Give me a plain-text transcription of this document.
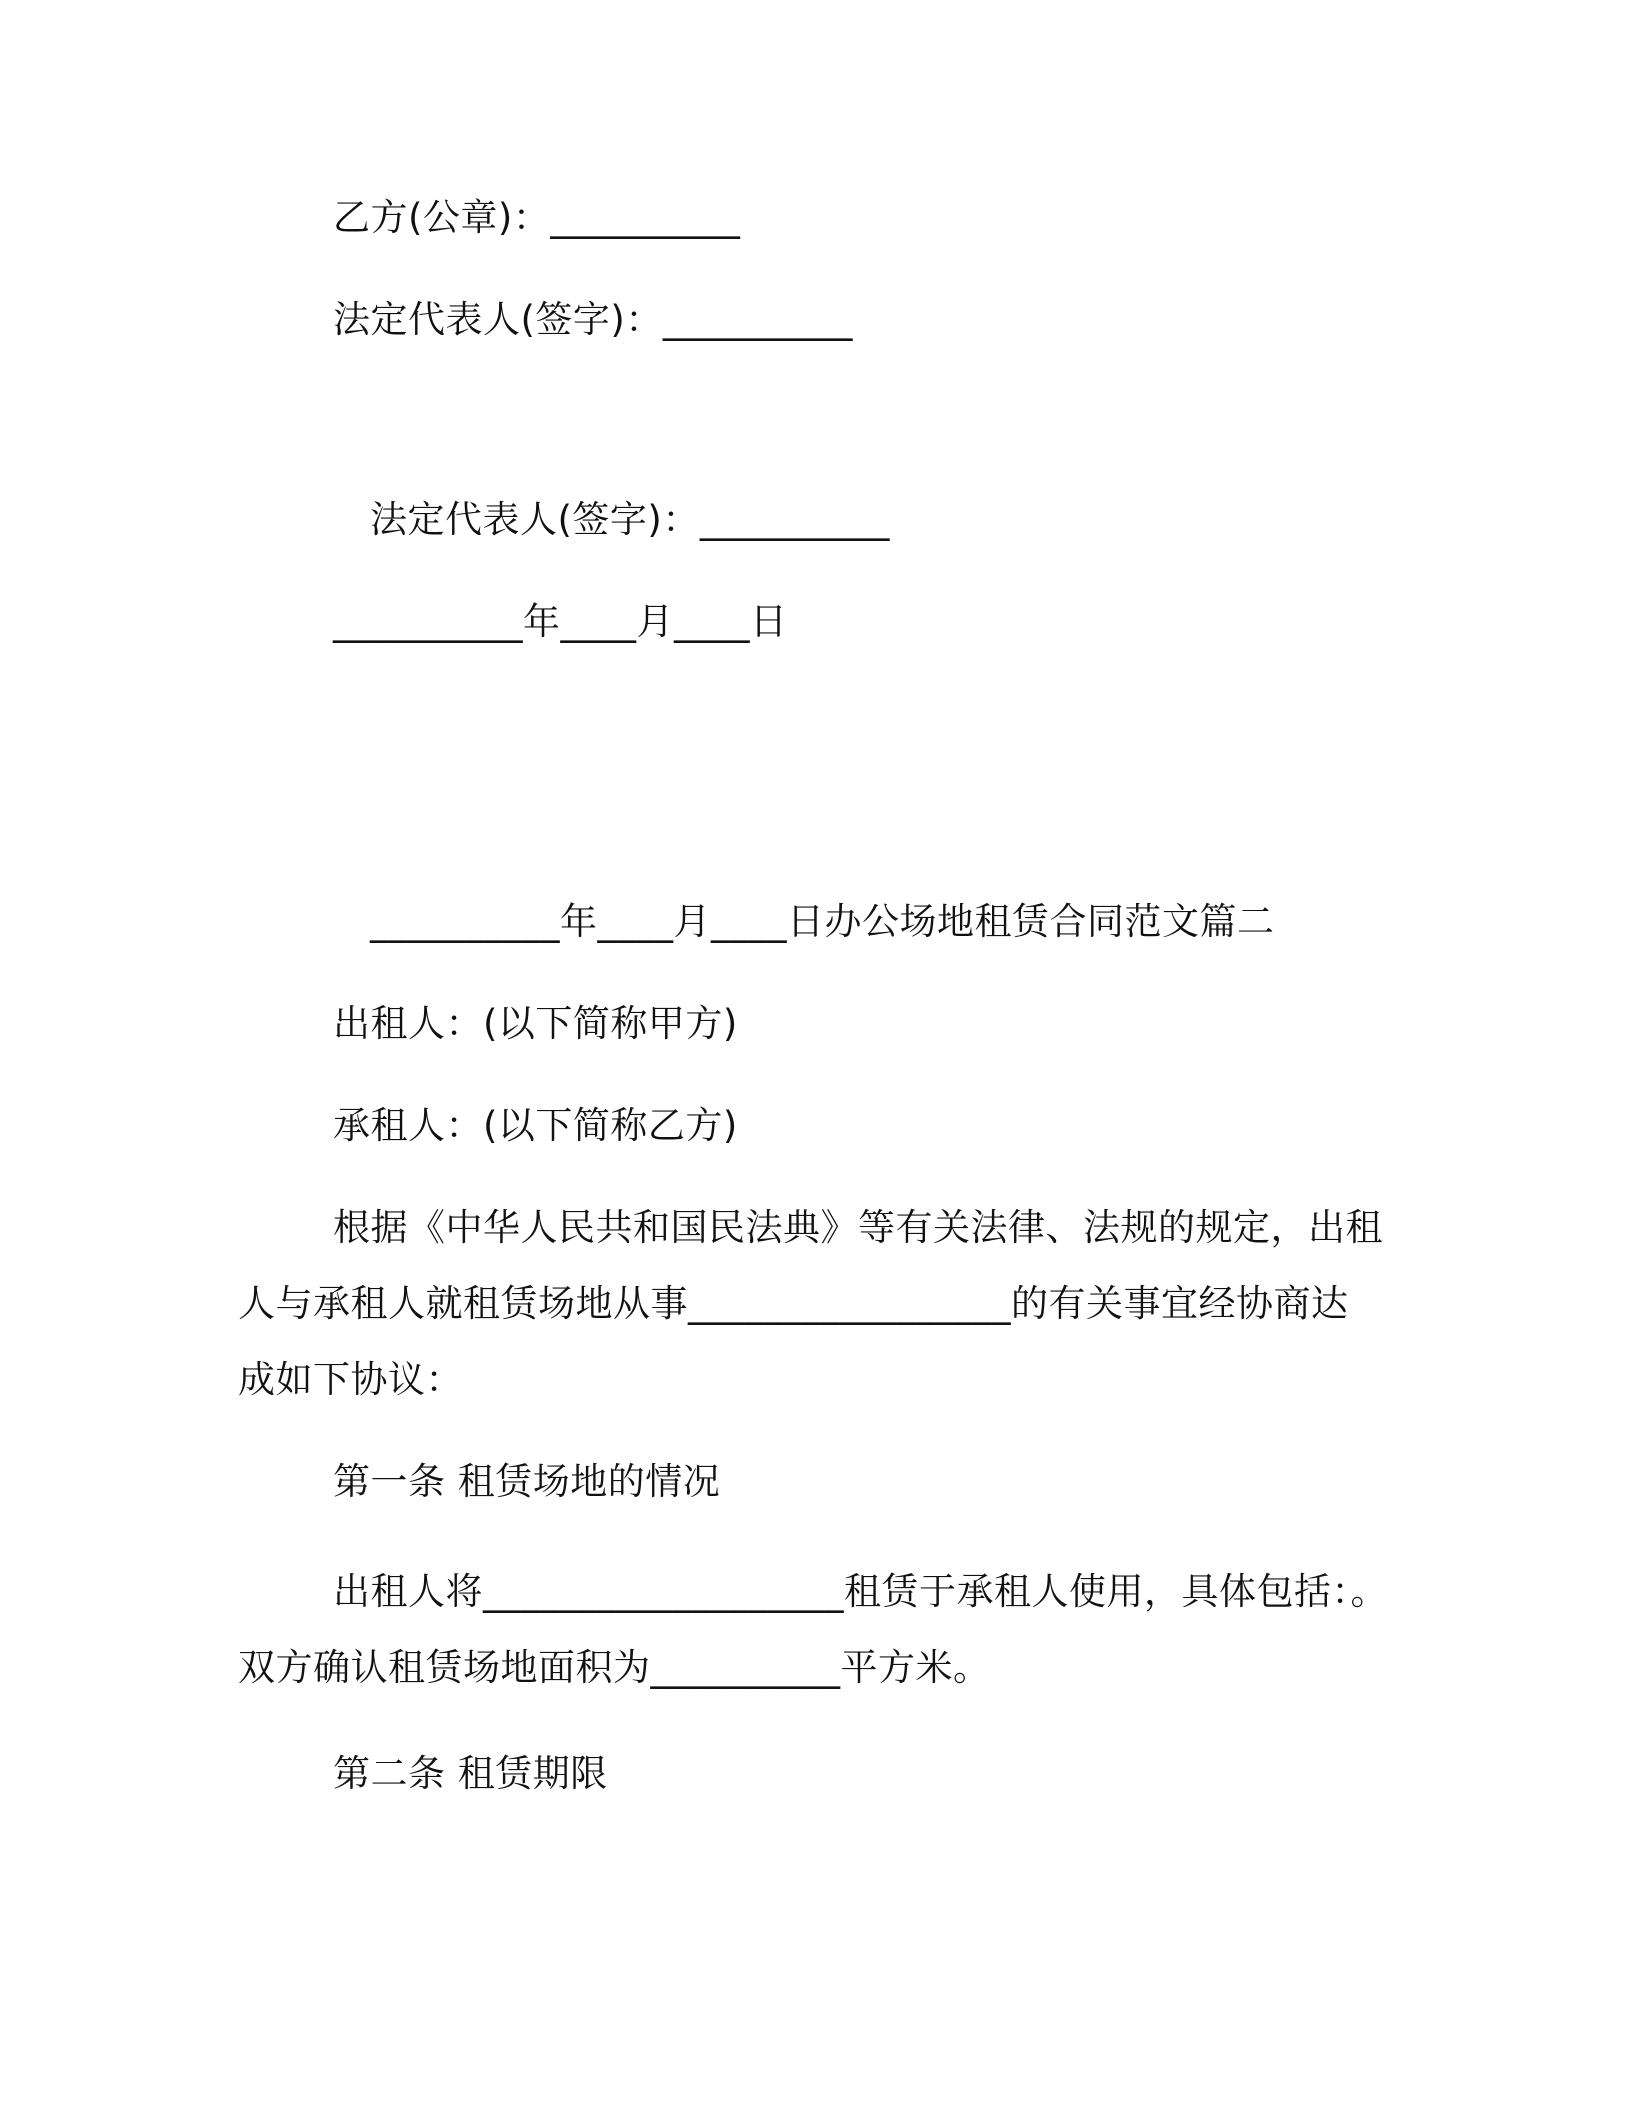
乙方(公章)：__________
法定代表人(签字)：__________
法定代表人(签字)：__________
__________年____月____日
__________年____月____日办公场地租赁合同范文篇二
出租人：(以下简称甲方)
承租人：(以下简称乙方)
根据《中华人民共和国民法典》等有关法律、法规的规定，出租
人与承租人就租赁场地从事_________________的有关事宜经协商达
成如下协议：
第一条 租赁场地的情况
出租人将___________________租赁于承租人使用，具体包括：。
双方确认租赁场地面积为__________平方米。
第二条 租赁期限
